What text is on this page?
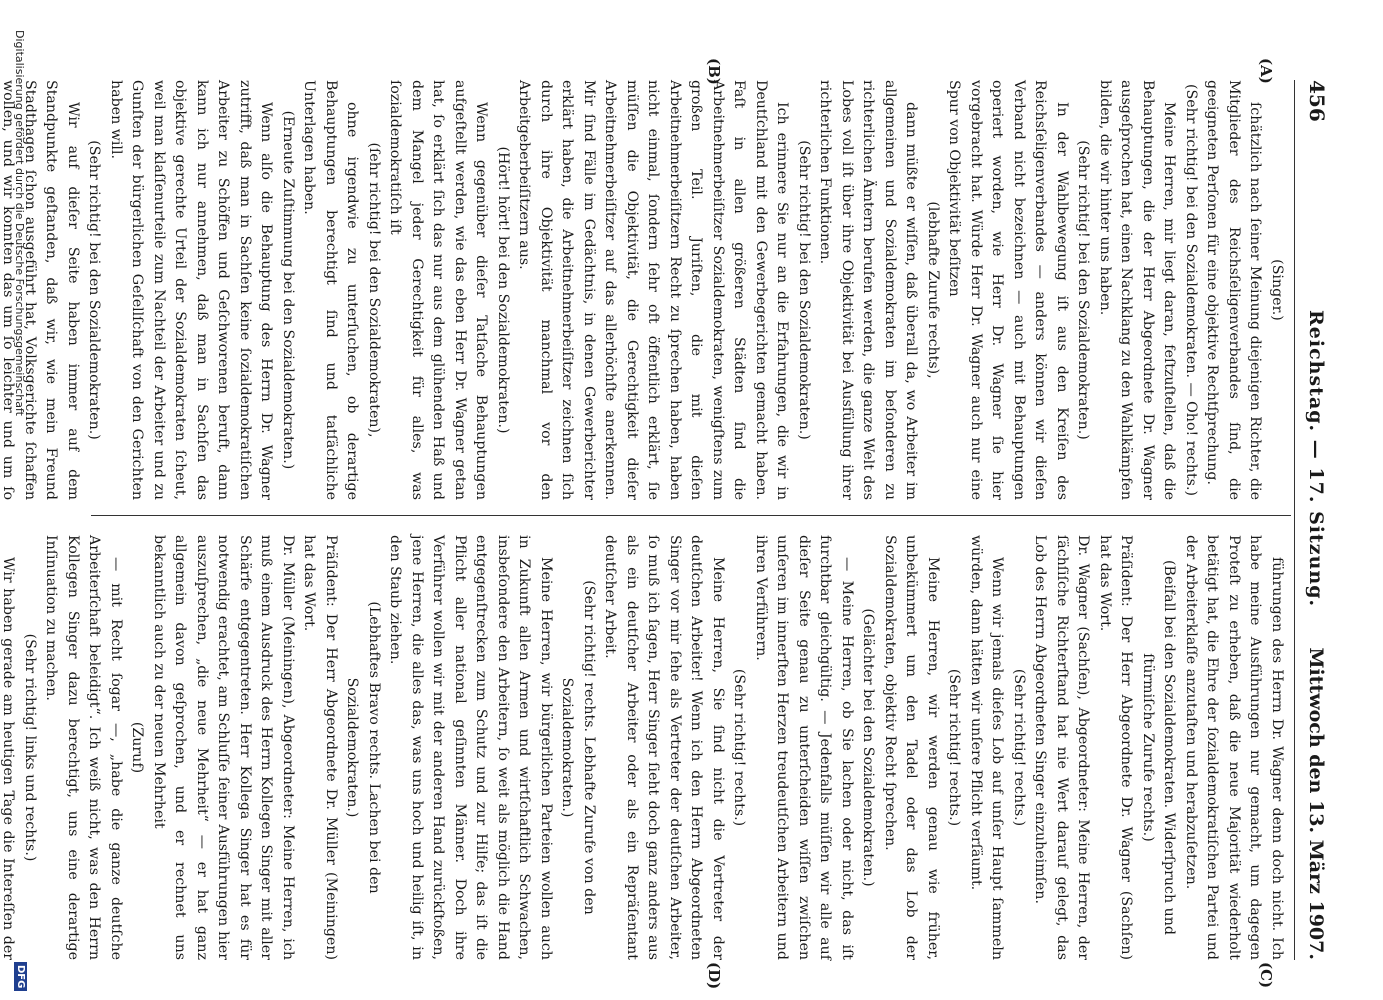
456
Reichstag. — 17. Sitzung.
Mittwoch den 13. März 1907.
(A)
(B)
(C)
(D)

(Singer.)

ſchätzlich nach ſeiner Meinung diejenigen Richter, die Mitglieder des Reichsſeligenverbandes ſind, die geeigneten Perſonen für eine objektive Rechtſprechung.

(Sehr richtig! bei den Sozialdemokraten. — Oho! rechts.)

Meine Herren, mir liegt daran, feſtzuſtellen, daß die Behauptungen, die der Herr Abgeordnete Dr. Wagner ausgeſprochen hat, einen Nachklang zu den Wahlkämpfen bilden, die wir hinter uns haben.

(Sehr richtig! bei den Sozialdemokraten.)

In der Wahlbewegung iſt aus den Kreiſen des Reichsſeligenverbandes — anders können wir dieſen Verband nicht bezeichnen — auch mit Behauptungen operiert worden, wie Herr Dr. Wagner ſie hier vorgebracht hat. Würde Herr Dr. Wagner auch nur eine Spur von Objektivität beſitzen

(lebhafte Zurufe rechts),

dann müßte er wiſſen, daß überall da, wo Arbeiter im allgemeinen und Sozialdemokraten im beſonderen zu richterlichen Ämtern berufen werden, die ganze Welt des Lobes voll iſt über ihre Objektivität bei Ausfüllung ihrer richterlichen Funktionen.

(Sehr richtig! bei den Sozialdemokraten.)

Ich erinnere Sie nur an die Erfahrungen, die wir in Deutſchland mit den Gewerbegerichten gemacht haben. Faſt in allen größeren Städten ſind die Arbeitnehmerbeiſitzer Sozialdemokraten, wenigſtens zum großen Teil. Juriſten, die mit dieſen Arbeitnehmerbeiſitzern Recht zu ſprechen haben, haben nicht einmal, ſondern ſehr oft öffentlich erklärt, ſie müſſen die Objektivität, die Gerechtigkeit dieſer Arbeitnehmerbeiſitzer auf das allerhöchſte anerkennen. Mir ſind Fälle im Gedächtnis, in denen Gewerberichter erklärt haben, die Arbeitnehmerbeiſitzer zeichnen ſich durch ihre Objektivität manchmal vor den Arbeitgeberbeiſitzern aus.

(Hört! hört! bei den Sozialdemokraten.)

Wenn gegenüber dieſer Tatſache Behauptungen aufgeſtellt werden, wie das eben Herr Dr. Wagner getan hat, ſo erklärt ſich das nur aus dem glühenden Haß und dem Mangel jeder Gerechtigkeit für alles, was ſozialdemokratiſch iſt

(ſehr richtig! bei den Sozialdemokraten),

ohne irgendwie zu unterſuchen, ob derartige Behauptungen berechtigt ſind und tatſächliche Unterlagen haben.

(Erneute Zuſtimmung bei den Sozialdemokraten.)

Wenn alſo die Behauptung des Herrn Dr. Wagner zutrifft, daß man in Sachſen keine ſozialdemokratiſchen Arbeiter zu Schöffen und Geſchworenen beruft, dann kann ich nur annehmen, daß man in Sachſen das objektive gerechte Urteil der Sozialdemokraten ſcheut, weil man klaſſenurteile zum Nachteil der Arbeiter und zu Gunſten der bürgerlichen Geſellſchaft von den Gerichten haben will.

(Sehr richtig! bei den Sozialdemokraten.)

Wir auf dieſer Seite haben immer auf dem Standpunkte geſtanden, daß wir, wie mein Freund Stadthagen ſchon ausgeführt hat, Volksgerichte ſchaffen wollen, und wir konnten das um ſo leichter und um ſo

führungen des Herrn Dr. Wagner denn doch nicht. Ich habe meine Ausführungen nur gemacht, um dagegen Proteſt zu erheben, daß die neue Majorität wiederholt betätigt hat, die Ehre der ſozialdemokratiſchen Partei und der Arbeiterklaſſe anzutaſten und herabzuſetzen.

(Beifall bei den Sozialdemokraten. Widerſpruch und ſtürmiſche Zurufe rechts.)

Präſident: Der Herr Abgeordnete Dr. Wagner (Sachſen) hat das Wort.

Dr. Wagner (Sachſen), Abgeordneter: Meine Herren, der ſächſiſche Richterſtand hat nie Wert darauf gelegt, das Lob des Herrn Abgeordneten Singer einzuheimſen.

(Sehr richtig! rechts.)

Wenn wir jemals dieſes Lob auf unſer Haupt ſammeln würden, dann hätten wir unſere Pflicht verſäumt.

(Sehr richtig! rechts.)

Meine Herren, wir werden genau wie früher, unbekümmert um den Tadel oder das Lob der Sozialdemokraten, objektiv Recht ſprechen.

(Gelächter bei den Sozialdemokraten.)

— Meine Herren, ob Sie lachen oder nicht, das iſt furchtbar gleichgültig. — Jedenfalls müſſen wir alle auf dieſer Seite genau zu unterſcheiden wiſſen zwiſchen unſeren im innerſten Herzen treudeutſchen Arbeitern und ihren Verführern.

(Sehr richtig! rechts.)

Meine Herren, Sie ſind nicht die Vertreter der deutſchen Arbeiter! Wenn ich den Herrn Abgeordneten Singer vor mir ſehe als Vertreter der deutſchen Arbeiter, ſo muß ich ſagen, Herr Singer ſieht doch ganz anders aus als ein deutſcher Arbeiter oder als ein Repräſentant deutſcher Arbeit.

(Sehr richtig! rechts. Lebhafte Zurufe von den Sozialdemokraten.)

Meine Herren, wir bürgerlichen Parteien wollen auch in Zukunft allen Armen und wirtſchaftlich Schwachen, insbeſondere den Arbeitern, ſo weit als möglich die Hand entgegenſtrecken zum Schutz und zur Hilfe; das iſt die Pflicht aller national geſinnten Männer. Doch ihre Verführer wollen wir mit der anderen Hand zurückſtoßen, jene Herren, die alles das, was uns hoch und heilig iſt, in den Staub ziehen.

(Lebhaftes Bravo rechts. Lachen bei den Sozialdemokraten.)

Präſident: Der Herr Abgeordnete Dr. Müller (Meiningen) hat das Wort.

Dr. Müller (Meiningen), Abgeordneter: Meine Herren, ich muß einem Ausdruck des Herrn Kollegen Singer mit aller Schärfe entgegentreten. Herr Kollega Singer hat es für notwendig erachtet, am Schluſſe ſeiner Ausführungen hier auszuſprechen, „die neue Mehrheit“ — er hat ganz allgemein davon geſprochen, und er rechnet uns bekanntlich auch zu der neuen Mehrheit

(Zuruf)

— mit Recht ſogar —, „habe die ganze deutſche Arbeiterſchaft beleidigt“. Ich weiß nicht, was den Herrn Kollegen Singer dazu berechtigt, uns eine derartige Inſinuation zu machen.

(Sehr richtig! links und rechts.)

Wir haben gerade am heutigen Tage die Intereſſen der

Digitalisierung gefördert durch die Deutsche Forschungsgemeinschaft
DFG
